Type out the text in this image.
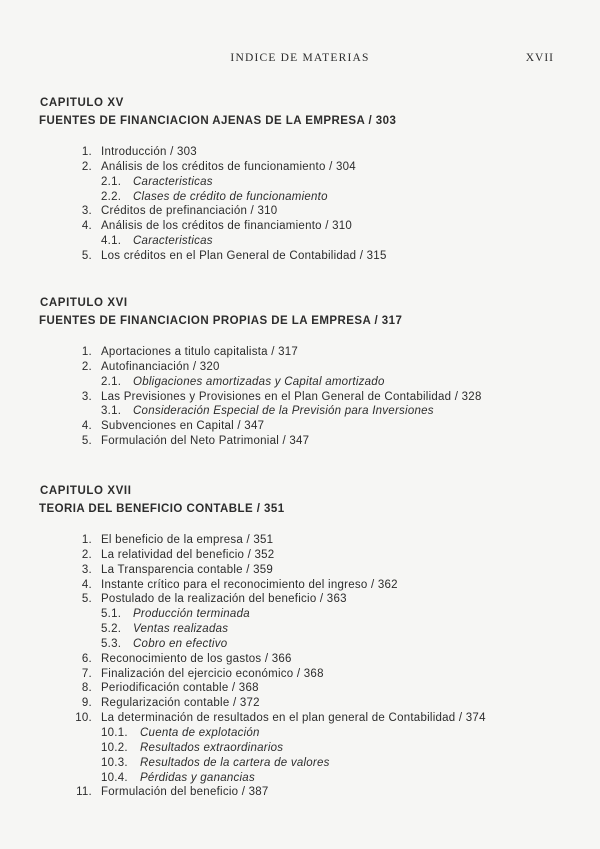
INDICE DE MATERIAS	XVII
CAPITULO XV
FUENTES DE FINANCIACION AJENAS DE LA EMPRESA / 303
1. Introducción / 303
2. Análisis de los créditos de funcionamiento / 304
2.1. Caracteristicas
2.2. Clases de crédito de funcionamiento
3. Créditos de prefinanciación / 310
4. Análisis de los créditos de financiamiento / 310
4.1. Caracteristicas
5. Los créditos en el Plan General de Contabilidad / 315
CAPITULO XVI
FUENTES DE FINANCIACION PROPIAS DE LA EMPRESA / 317
1. Aportaciones a titulo capitalista / 317
2. Autofinanciación / 320
2.1. Obligaciones amortizadas y Capital amortizado
3. Las Previsiones y Provisiones en el Plan General de Contabilidad / 328
3.1. Consideración Especial de la Previsión para Inversiones
4. Subvenciones en Capital / 347
5. Formulación del Neto Patrimonial / 347
CAPITULO XVII
TEORIA DEL BENEFICIO CONTABLE / 351
1. El beneficio de la empresa / 351
2. La relatividad del beneficio / 352
3. La Transparencia contable / 359
4. Instante crítico para el reconocimiento del ingreso / 362
5. Postulado de la realización del beneficio / 363
5.1. Producción terminada
5.2. Ventas realizadas
5.3. Cobro en efectivo
6. Reconocimiento de los gastos / 366
7. Finalización del ejercicio económico / 368
8. Periodificación contable / 368
9. Regularización contable / 372
10. La determinación de resultados en el plan general de Contabilidad / 374
10.1. Cuenta de explotación
10.2. Resultados extraordinarios
10.3. Resultados de la cartera de valores
10.4. Pérdidas y ganancias
11. Formulación del beneficio / 387
